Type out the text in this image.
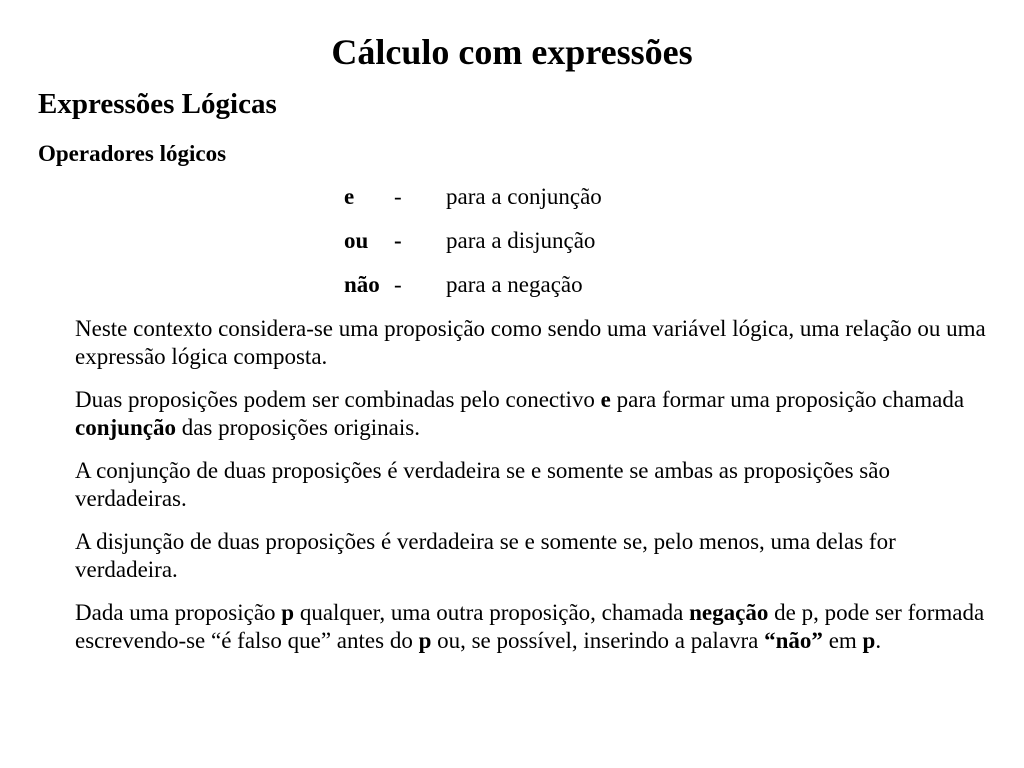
Cálculo com expressões
Expressões Lógicas
Operadores lógicos
e - para a conjunção
ou - para a disjunção
não - para a negação

Neste contexto considera-se uma proposição como sendo uma variável lógica, uma relação ou uma expressão lógica composta.

Duas proposições podem ser combinadas pelo conectivo e para formar uma proposição chamada conjunção das proposições originais.

A conjunção de duas proposições é verdadeira se e somente se ambas as proposições são verdadeiras.

A disjunção de duas proposições é verdadeira se e somente se, pelo menos, uma delas for verdadeira.

Dada uma proposição p qualquer, uma outra proposição, chamada negação de p, pode ser formada escrevendo-se “é falso que” antes do p ou, se possível, inserindo a palavra “não” em p.
